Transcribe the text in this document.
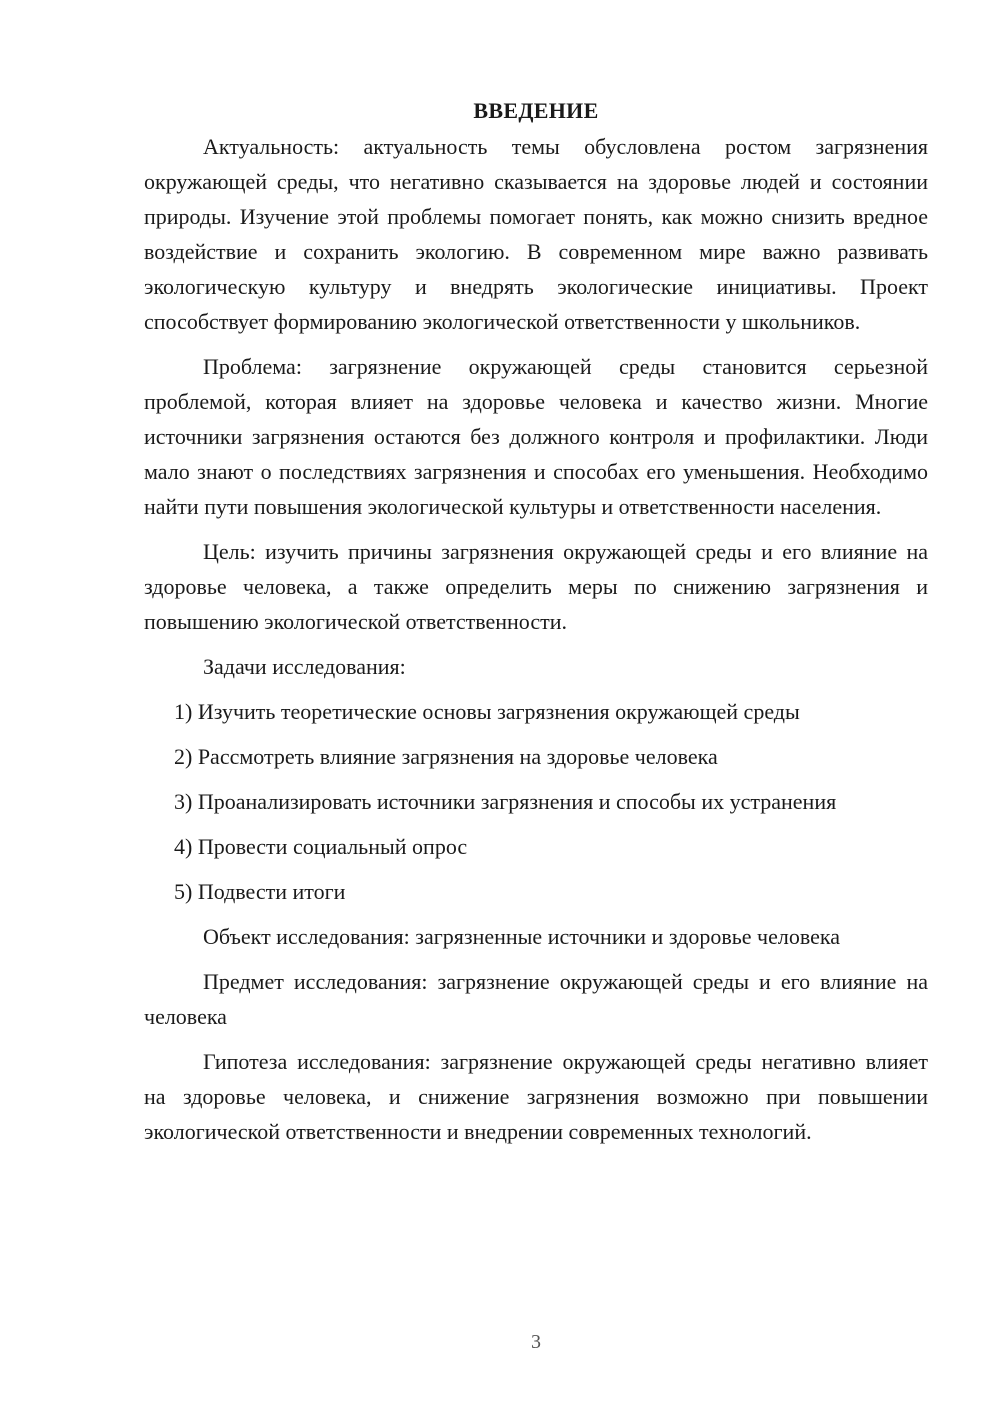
ВВЕДЕНИЕ

Актуальность: актуальность темы обусловлена ростом загрязнения окружающей среды, что негативно сказывается на здоровье людей и состоянии природы. Изучение этой проблемы помогает понять, как можно снизить вредное воздействие и сохранить экологию. В современном мире важно развивать экологическую культуру и внедрять экологические инициативы. Проект способствует формированию экологической ответственности у школьников.

Проблема: загрязнение окружающей среды становится серьезной проблемой, которая влияет на здоровье человека и качество жизни. Многие источники загрязнения остаются без должного контроля и профилактики. Люди мало знают о последствиях загрязнения и способах его уменьшения. Необходимо найти пути повышения экологической культуры и ответственности населения.

Цель: изучить причины загрязнения окружающей среды и его влияние на здоровье человека, а также определить меры по снижению загрязнения и повышению экологической ответственности.

Задачи исследования:

1) Изучить теоретические основы загрязнения окружающей среды

2) Рассмотреть влияние загрязнения на здоровье человека

3) Проанализировать источники загрязнения и способы их устранения

4) Провести социальный опрос

5) Подвести итоги

Объект исследования: загрязненные источники и здоровье человека

Предмет исследования: загрязнение окружающей среды и его влияние на человека

Гипотеза исследования: загрязнение окружающей среды негативно влияет на здоровье человека, и снижение загрязнения возможно при повышении экологической ответственности и внедрении современных технологий.

3
